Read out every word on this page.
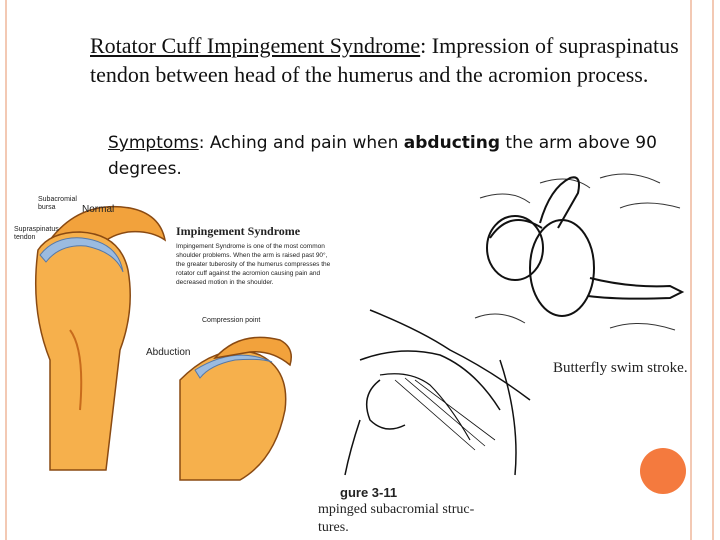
Rotator Cuff Impingement Syndrome: Impression of supraspinatus tendon between head of the humerus and the acromion process.
Symptoms: Aching and pain when abducting the arm above 90 degrees.
Subacromial bursa	Normal
Supraspinatus tendon	Impingement Syndrome
Impingement Syndrome is one of the most common shoulder problems. When the arm is raised past 90°, the greater tuberosity of the humerus compresses the rotator cuff against the acromion causing pain and decreased motion in the shoulder.
Compression point
Abduction
Butterfly swim stroke.
gure 3-11
mpinged subacromial struc-
tures.
